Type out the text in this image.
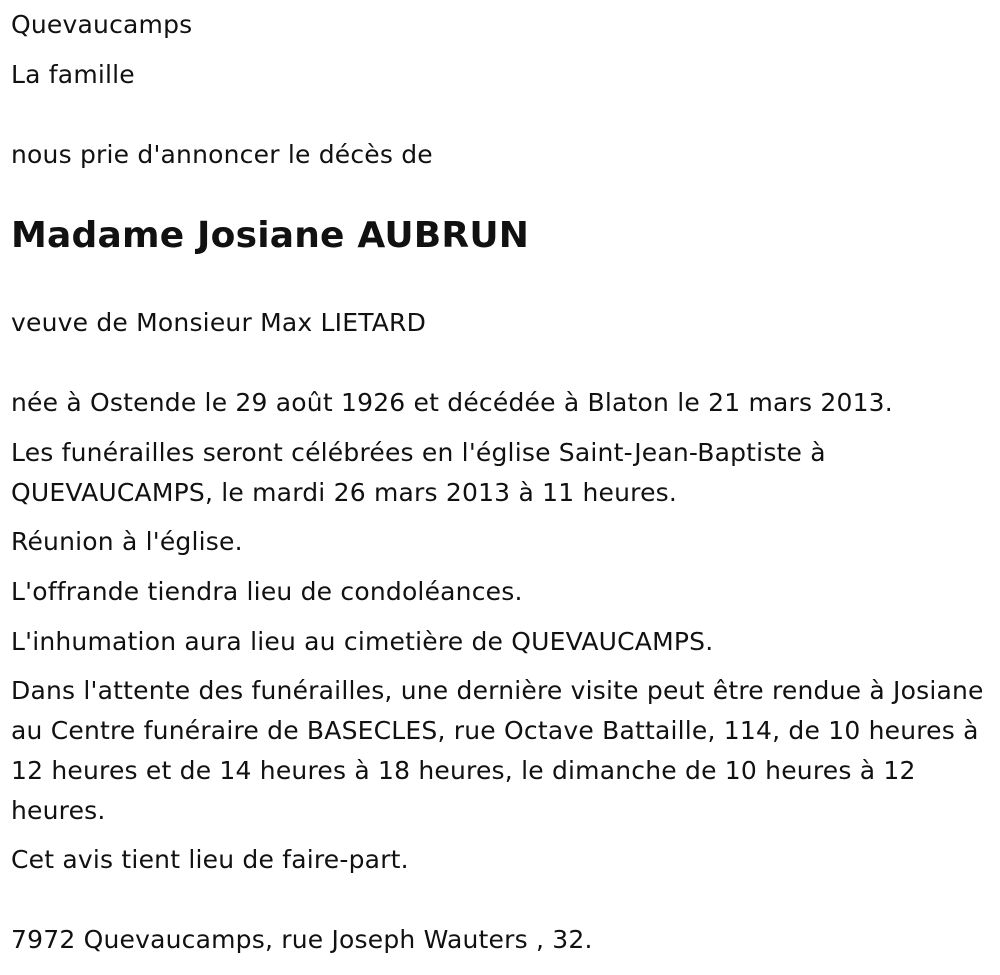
Quevaucamps
La famille
nous prie d'annoncer le décès de
Madame Josiane AUBRUN
veuve de Monsieur Max LIETARD
née à Ostende le 29 août 1926 et décédée à Blaton le 21 mars 2013.
Les funérailles seront célébrées en l'église Saint-Jean-Baptiste à QUEVAUCAMPS, le mardi 26 mars 2013 à 11 heures.
Réunion à l'église.
L'offrande tiendra lieu de condoléances.
L'inhumation aura lieu au cimetière de QUEVAUCAMPS.
Dans l'attente des funérailles, une dernière visite peut être rendue à Josiane au Centre funéraire de BASECLES, rue Octave Battaille, 114, de 10 heures à 12 heures et de 14 heures à 18 heures, le dimanche de 10 heures à 12 heures.
Cet avis tient lieu de faire-part.
7972 Quevaucamps, rue Joseph Wauters , 32.
